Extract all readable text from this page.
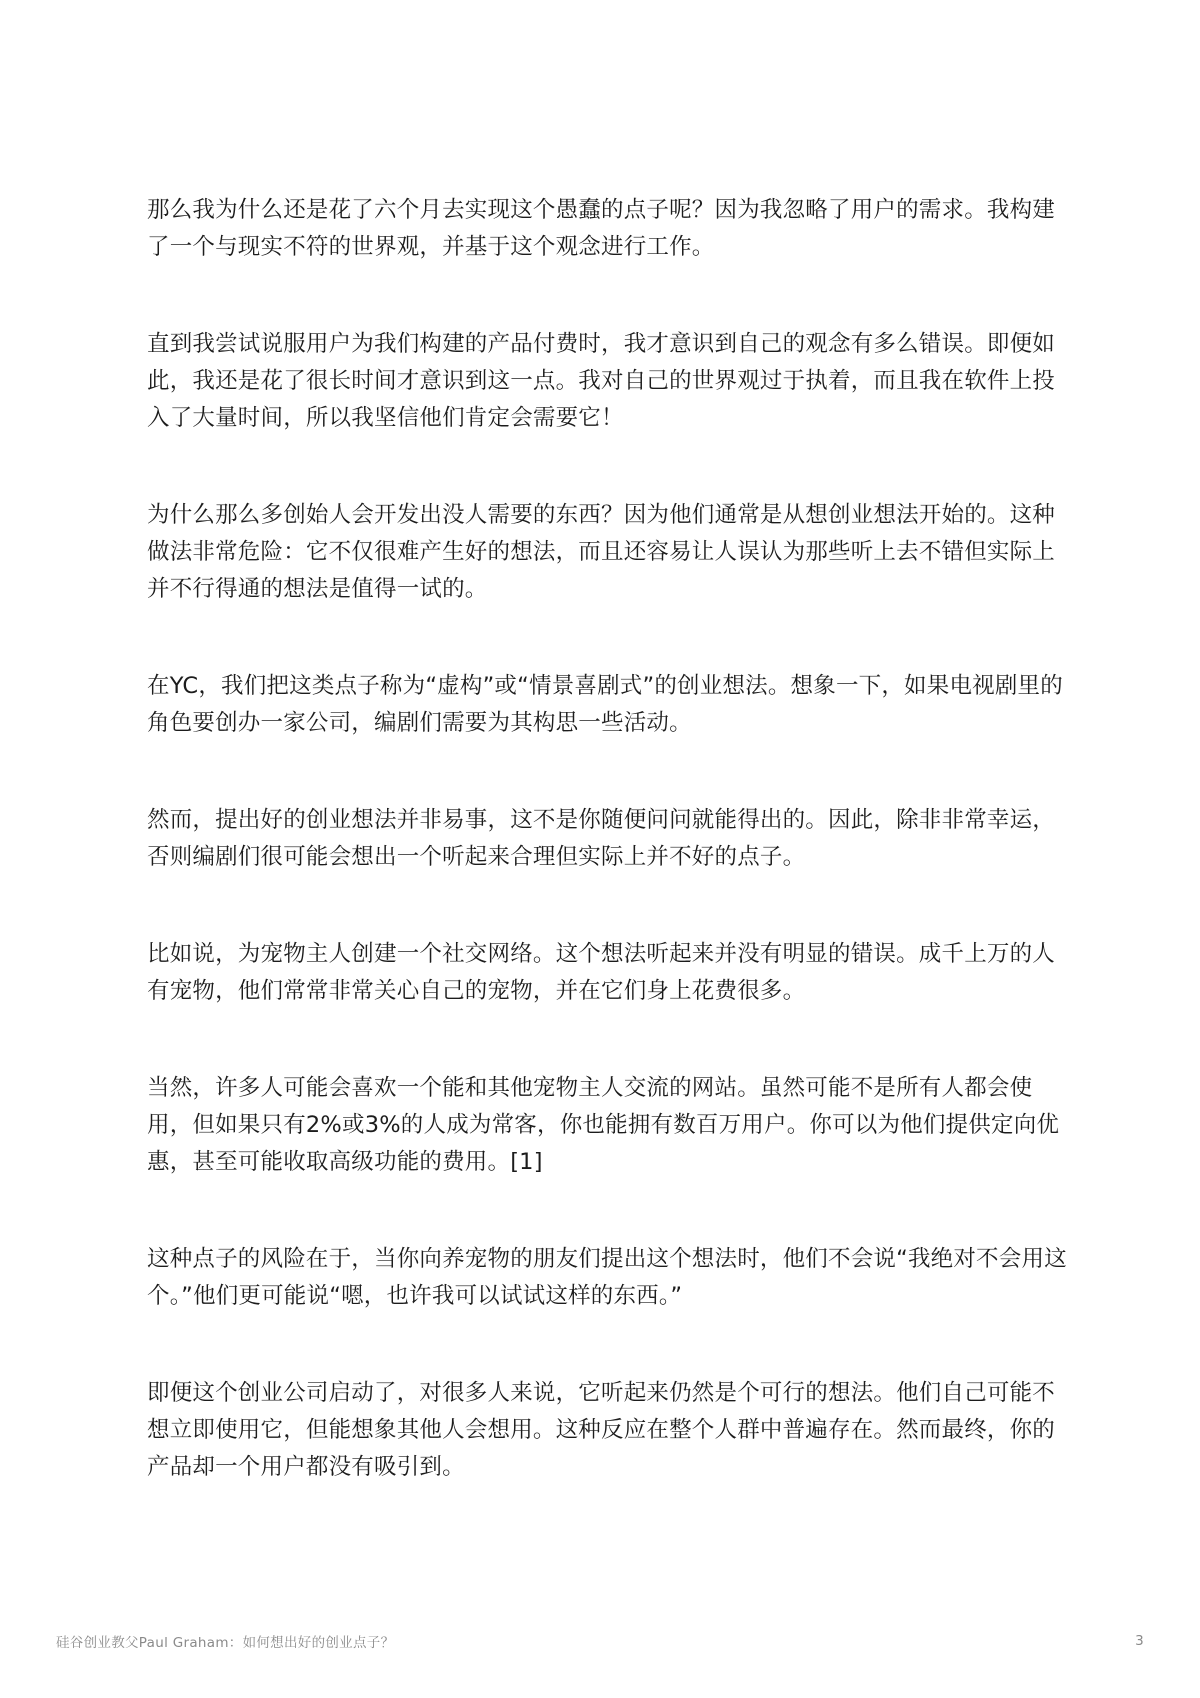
那么我为什么还是花了六个月去实现这个愚蠢的点子呢？因为我忽略了用户的需求。我构建了一个与现实不符的世界观，并基于这个观念进行工作。

直到我尝试说服用户为我们构建的产品付费时，我才意识到自己的观念有多么错误。即便如此，我还是花了很长时间才意识到这一点。我对自己的世界观过于执着，而且我在软件上投入了大量时间，所以我坚信他们肯定会需要它！

为什么那么多创始人会开发出没人需要的东西？因为他们通常是从想创业想法开始的。这种做法非常危险：它不仅很难产生好的想法，而且还容易让人误认为那些听上去不错但实际上并不行得通的想法是值得一试的。

在YC，我们把这类点子称为“虚构”或“情景喜剧式”的创业想法。想象一下，如果电视剧里的角色要创办一家公司，编剧们需要为其构思一些活动。

然而，提出好的创业想法并非易事，这不是你随便问问就能得出的。因此，除非非常幸运，否则编剧们很可能会想出一个听起来合理但实际上并不好的点子。

比如说，为宠物主人创建一个社交网络。这个想法听起来并没有明显的错误。成千上万的人有宠物，他们常常非常关心自己的宠物，并在它们身上花费很多。

当然，许多人可能会喜欢一个能和其他宠物主人交流的网站。虽然可能不是所有人都会使用，但如果只有2%或3%的人成为常客，你也能拥有数百万用户。你可以为他们提供定向优惠，甚至可能收取高级功能的费用。[1]

这种点子的风险在于，当你向养宠物的朋友们提出这个想法时，他们不会说“我绝对不会用这个。”他们更可能说“嗯，也许我可以试试这样的东西。”

即便这个创业公司启动了，对很多人来说，它听起来仍然是个可行的想法。他们自己可能不想立即使用它，但能想象其他人会想用。这种反应在整个人群中普遍存在。然而最终，你的产品却一个用户都没有吸引到。

硅谷创业教父Paul Graham：如何想出好的创业点子？	3
